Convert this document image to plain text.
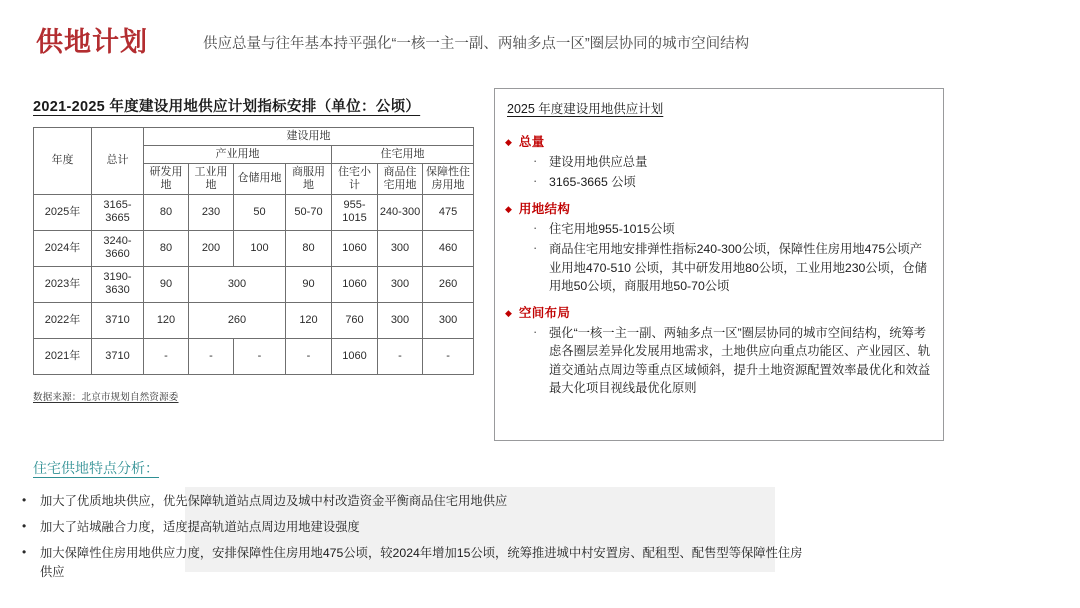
供地计划	供应总量与往年基本持平强化“一核一主一副、两轴多点一区”圈层协同的城市空间结构
2021-2025 年度建设用地供应计划指标安排（单位：公顷）
年度	总计	建设用地						
		产业用地				住宅用地		
		研发用地	工业用地	仓储用地	商服用地	住宅小计	商品住宅用地	保障性住房用地
2025年	3165-3665	80	230	50	50-70	955-1015	240-300	475
2024年	3240-3660	80	200	100	80	1060	300	460
2023年	3190-3630	90	300		90	1060	300	260
2022年	3710	120	260		120	760	300	300
2021年	3710	-	-	-	-	1060	-	-
数据来源：北京市规划自然资源委
2025 年度建设用地供应计划
◆ 总量
· 建设用地供应总量
· 3165-3665 公顷
◆ 用地结构
· 住宅用地955-1015公顷
· 商品住宅用地安排弹性指标240-300公顷，保障性住房用地475公顷产业用地470-510 公顷，其中研发用地80公顷，工业用地230公顷，仓储用地50公顷，商服用地50-70公顷
◆ 空间布局
· 强化“一核一主一副、两轴多点一区”圈层协同的城市空间结构，统筹考虑各圈层差异化发展用地需求，土地供应向重点功能区、产业园区、轨道交通站点周边等重点区域倾斜，提升土地资源配置效率最优化和效益最大化项目视线最优化原则
住宅供地特点分析：
• 加大了优质地块供应，优先保障轨道站点周边及城中村改造资金平衡商品住宅用地供应
• 加大了站城融合力度，适度提高轨道站点周边用地建设强度
• 加大保障性住房用地供应力度，安排保障性住房用地475公顷，较2024年增加15公顷，统筹推进城中村安置房、配租型、配售型等保障性住房供应
